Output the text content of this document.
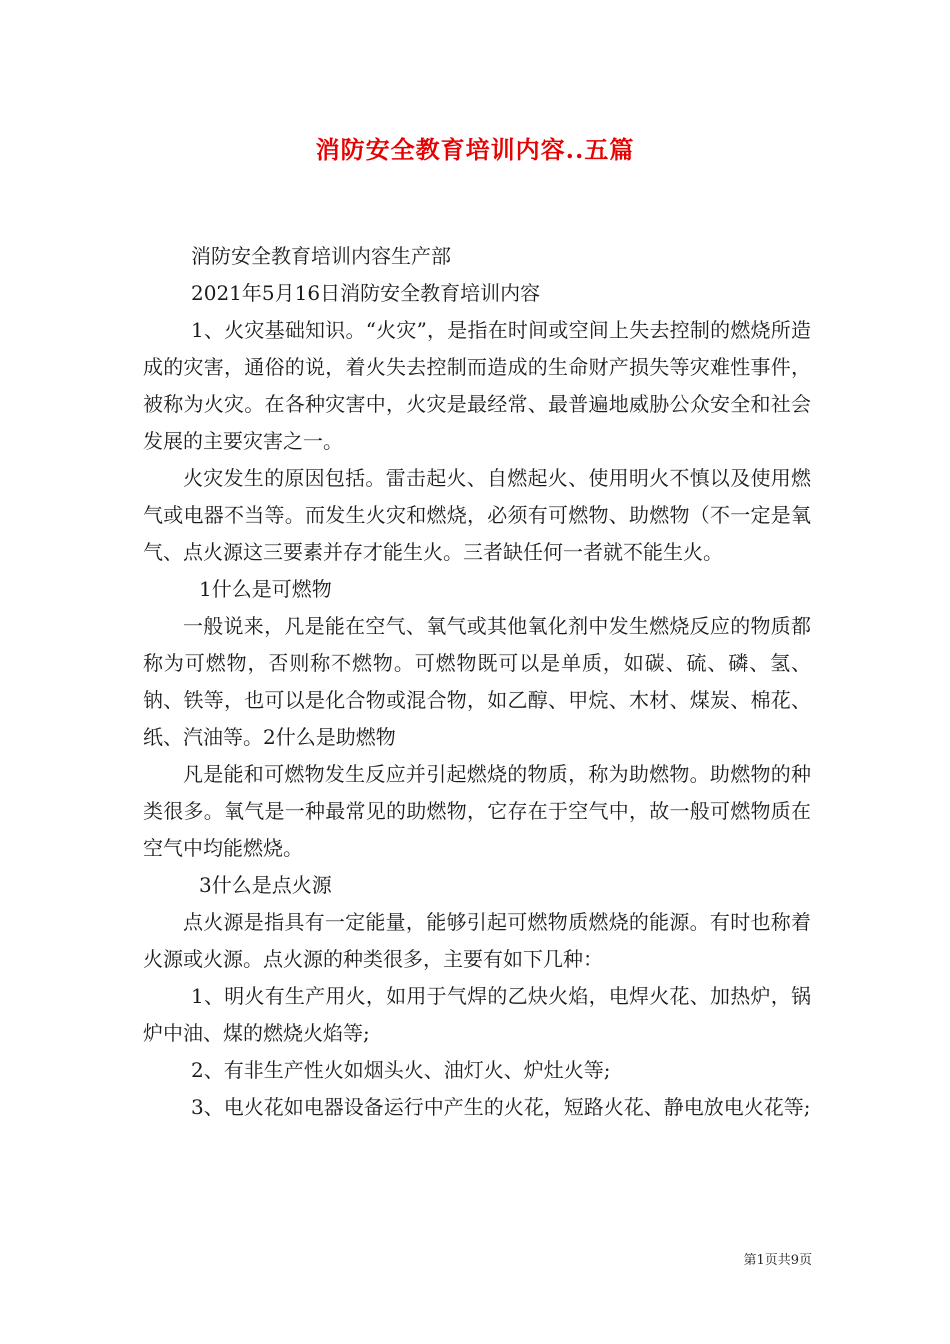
消防安全教育培训内容..五篇

消防安全教育培训内容生产部

2021年5月16日消防安全教育培训内容

1、火灾基础知识。“火灾”，是指在时间或空间上失去控制的燃烧所造成的灾害，通俗的说，着火失去控制而造成的生命财产损失等灾难性事件，被称为火灾。在各种灾害中，火灾是最经常、最普遍地威胁公众安全和社会发展的主要灾害之一。

火灾发生的原因包括。雷击起火、自燃起火、使用明火不慎以及使用燃气或电器不当等。而发生火灾和燃烧，必须有可燃物、助燃物（不一定是氧气、点火源这三要素并存才能生火。三者缺任何一者就不能生火。

1什么是可燃物

一般说来，凡是能在空气、氧气或其他氧化剂中发生燃烧反应的物质都称为可燃物，否则称不燃物。可燃物既可以是单质，如碳、硫、磷、氢、钠、铁等，也可以是化合物或混合物，如乙醇、甲烷、木材、煤炭、棉花、纸、汽油等。2什么是助燃物

凡是能和可燃物发生反应并引起燃烧的物质，称为助燃物。助燃物的种类很多。氧气是一种最常见的助燃物，它存在于空气中，故一般可燃物质在空气中均能燃烧。

3什么是点火源

点火源是指具有一定能量，能够引起可燃物质燃烧的能源。有时也称着火源或火源。点火源的种类很多，主要有如下几种：

1、明火有生产用火，如用于气焊的乙炔火焰，电焊火花、加热炉，锅炉中油、煤的燃烧火焰等;

2、有非生产性火如烟头火、油灯火、炉灶火等;

3、电火花如电器设备运行中产生的火花，短路火花、静电放电火花等;

第1页共9页
